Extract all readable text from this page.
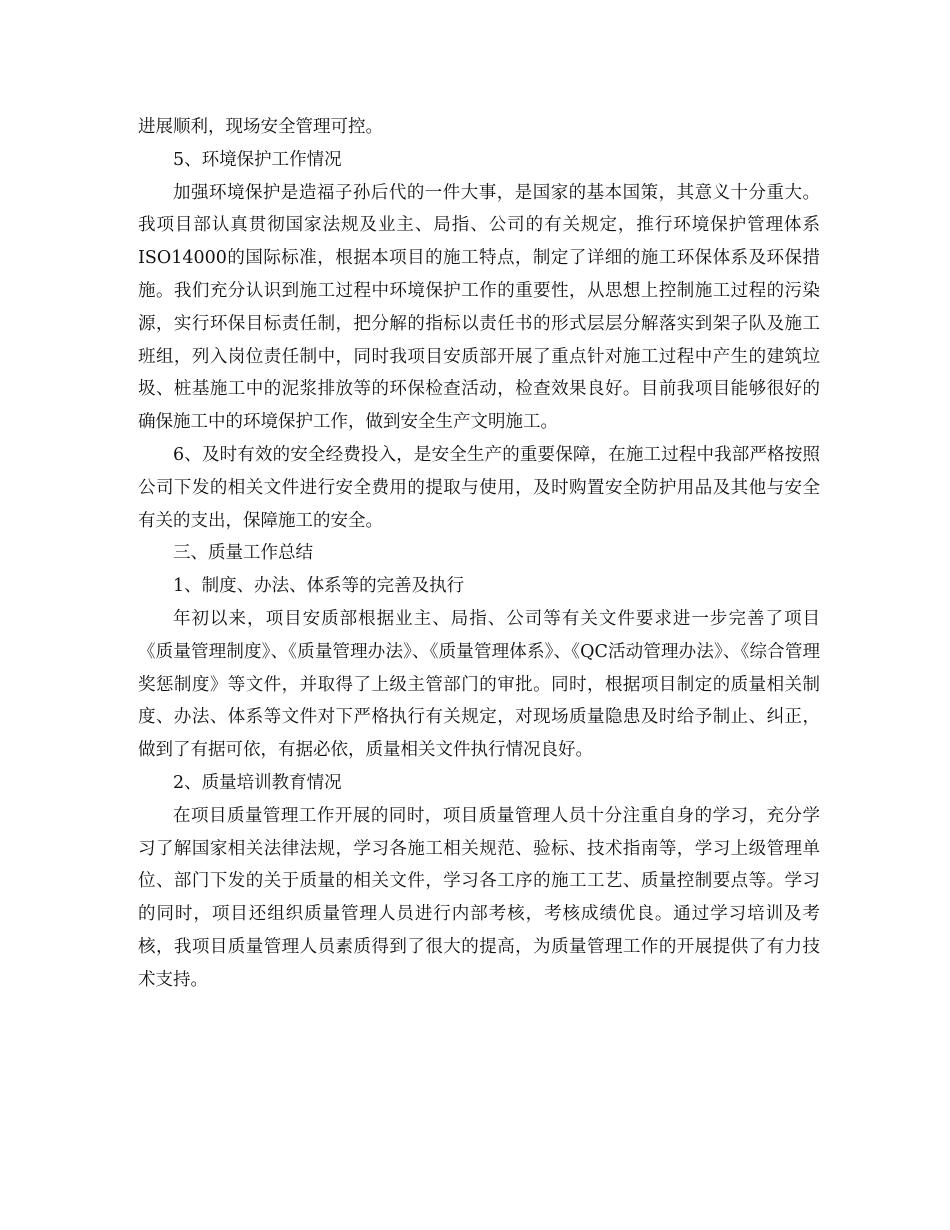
进展顺利，现场安全管理可控。

5、环境保护工作情况

加强环境保护是造福子孙后代的一件大事，是国家的基本国策，其意义十分重大。我项目部认真贯彻国家法规及业主、局指、公司的有关规定，推行环境保护管理体系ISO14000的国际标准，根据本项目的施工特点，制定了详细的施工环保体系及环保措施。我们充分认识到施工过程中环境保护工作的重要性，从思想上控制施工过程的污染源，实行环保目标责任制，把分解的指标以责任书的形式层层分解落实到架子队及施工班组，列入岗位责任制中，同时我项目安质部开展了重点针对施工过程中产生的建筑垃圾、桩基施工中的泥浆排放等的环保检查活动，检查效果良好。目前我项目能够很好的确保施工中的环境保护工作，做到安全生产文明施工。

6、及时有效的安全经费投入，是安全生产的重要保障，在施工过程中我部严格按照公司下发的相关文件进行安全费用的提取与使用，及时购置安全防护用品及其他与安全有关的支出，保障施工的安全。

三、质量工作总结

1、制度、办法、体系等的完善及执行

年初以来，项目安质部根据业主、局指、公司等有关文件要求进一步完善了项目《质量管理制度》、《质量管理办法》、《质量管理体系》、《QC活动管理办法》、《综合管理奖惩制度》等文件，并取得了上级主管部门的审批。同时，根据项目制定的质量相关制度、办法、体系等文件对下严格执行有关规定，对现场质量隐患及时给予制止、纠正，做到了有据可依，有据必依，质量相关文件执行情况良好。

2、质量培训教育情况

在项目质量管理工作开展的同时，项目质量管理人员十分注重自身的学习，充分学习了解国家相关法律法规，学习各施工相关规范、验标、技术指南等，学习上级管理单位、部门下发的关于质量的相关文件，学习各工序的施工工艺、质量控制要点等。学习的同时，项目还组织质量管理人员进行内部考核，考核成绩优良。通过学习培训及考核，我项目质量管理人员素质得到了很大的提高，为质量管理工作的开展提供了有力技术支持。
